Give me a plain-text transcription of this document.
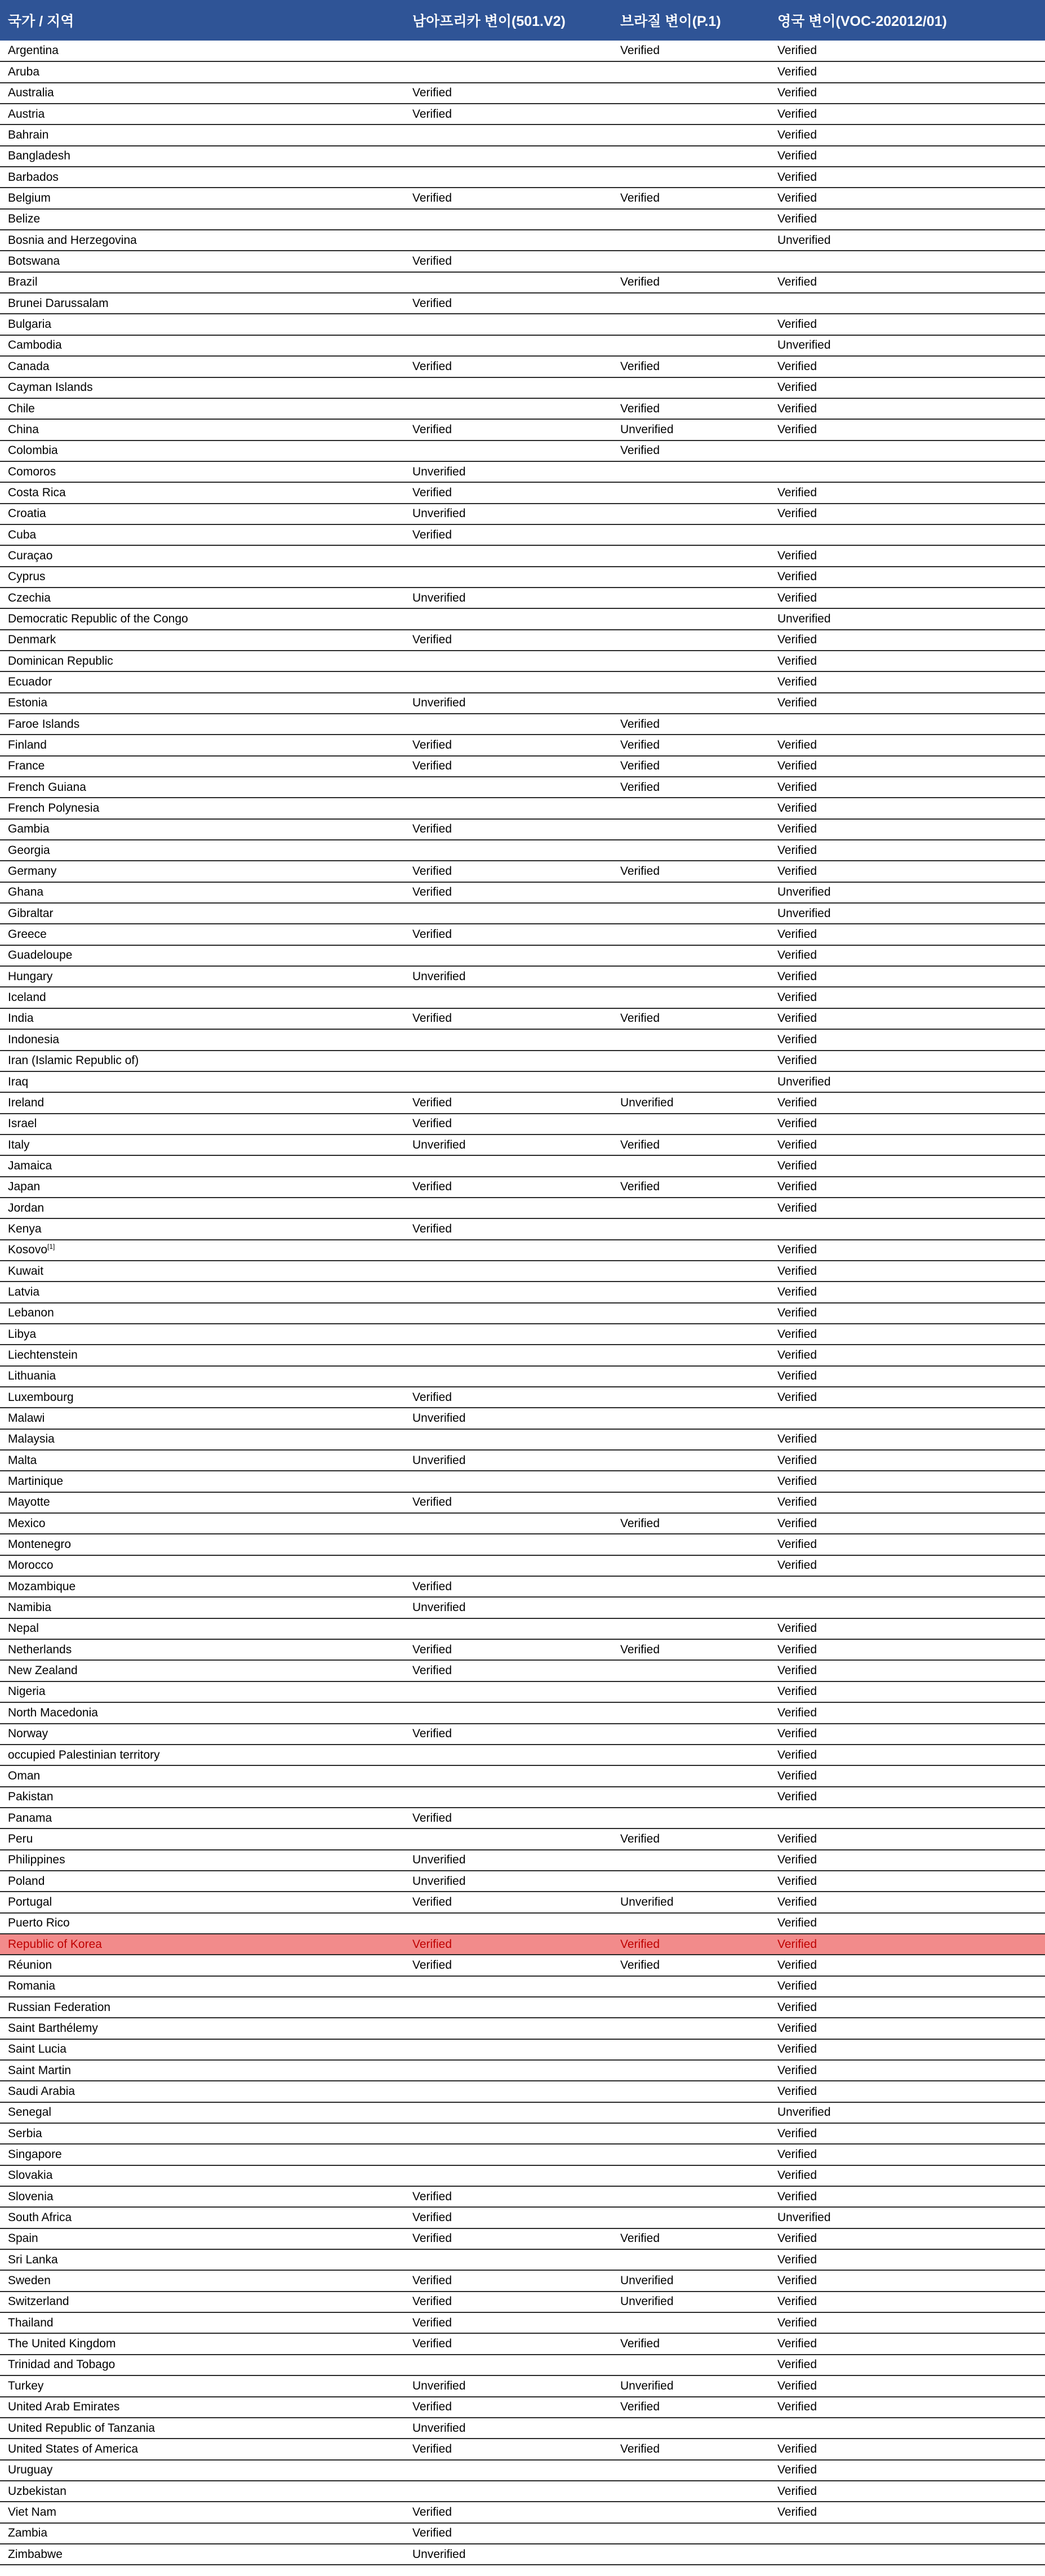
국가 / 지역	남아프리카 변이(501.V2)	브라질 변이(P.1)	영국 변이(VOC-202012/01)
Argentina		Verified	Verified
Aruba			Verified
Australia	Verified		Verified
Austria	Verified		Verified
Bahrain			Verified
Bangladesh			Verified
Barbados			Verified
Belgium	Verified	Verified	Verified
Belize			Verified
Bosnia and Herzegovina			Unverified
Botswana	Verified		
Brazil		Verified	Verified
Brunei Darussalam	Verified		
Bulgaria			Verified
Cambodia			Unverified
Canada	Verified	Verified	Verified
Cayman Islands			Verified
Chile		Verified	Verified
China	Verified	Unverified	Verified
Colombia		Verified	
Comoros	Unverified		
Costa Rica	Verified		Verified
Croatia	Unverified		Verified
Cuba	Verified		
Curaçao			Verified
Cyprus			Verified
Czechia	Unverified		Verified
Democratic Republic of the Congo			Unverified
Denmark	Verified		Verified
Dominican Republic			Verified
Ecuador			Verified
Estonia	Unverified		Verified
Faroe Islands		Verified	
Finland	Verified	Verified	Verified
France	Verified	Verified	Verified
French Guiana		Verified	Verified
French Polynesia			Verified
Gambia	Verified		Verified
Georgia			Verified
Germany	Verified	Verified	Verified
Ghana	Verified		Unverified
Gibraltar			Unverified
Greece	Verified		Verified
Guadeloupe			Verified
Hungary	Unverified		Verified
Iceland			Verified
India	Verified	Verified	Verified
Indonesia			Verified
Iran (Islamic Republic of)			Verified
Iraq			Unverified
Ireland	Verified	Unverified	Verified
Israel	Verified		Verified
Italy	Unverified	Verified	Verified
Jamaica			Verified
Japan	Verified	Verified	Verified
Jordan			Verified
Kenya	Verified		
Kosovo[1]			Verified
Kuwait			Verified
Latvia			Verified
Lebanon			Verified
Libya			Verified
Liechtenstein			Verified
Lithuania			Verified
Luxembourg	Verified		Verified
Malawi	Unverified		
Malaysia			Verified
Malta	Unverified		Verified
Martinique			Verified
Mayotte	Verified		Verified
Mexico		Verified	Verified
Montenegro			Verified
Morocco			Verified
Mozambique	Verified		
Namibia	Unverified		
Nepal			Verified
Netherlands	Verified	Verified	Verified
New Zealand	Verified		Verified
Nigeria			Verified
North Macedonia			Verified
Norway	Verified		Verified
occupied Palestinian territory			Verified
Oman			Verified
Pakistan			Verified
Panama	Verified		
Peru		Verified	Verified
Philippines	Unverified		Verified
Poland	Unverified		Verified
Portugal	Verified	Unverified	Verified
Puerto Rico			Verified
Republic of Korea	Verified	Verified	Verified
Réunion	Verified	Verified	Verified
Romania			Verified
Russian Federation			Verified
Saint Barthélemy			Verified
Saint Lucia			Verified
Saint Martin			Verified
Saudi Arabia			Verified
Senegal			Unverified
Serbia			Verified
Singapore			Verified
Slovakia			Verified
Slovenia	Verified		Verified
South Africa	Verified		Unverified
Spain	Verified	Verified	Verified
Sri Lanka			Verified
Sweden	Verified	Unverified	Verified
Switzerland	Verified	Unverified	Verified
Thailand	Verified		Verified
The United Kingdom	Verified	Verified	Verified
Trinidad and Tobago			Verified
Turkey	Unverified	Unverified	Verified
United Arab Emirates	Verified	Verified	Verified
United Republic of Tanzania	Unverified		
United States of America	Verified	Verified	Verified
Uruguay			Verified
Uzbekistan			Verified
Viet Nam	Verified		Verified
Zambia	Verified		
Zimbabwe	Unverified		
